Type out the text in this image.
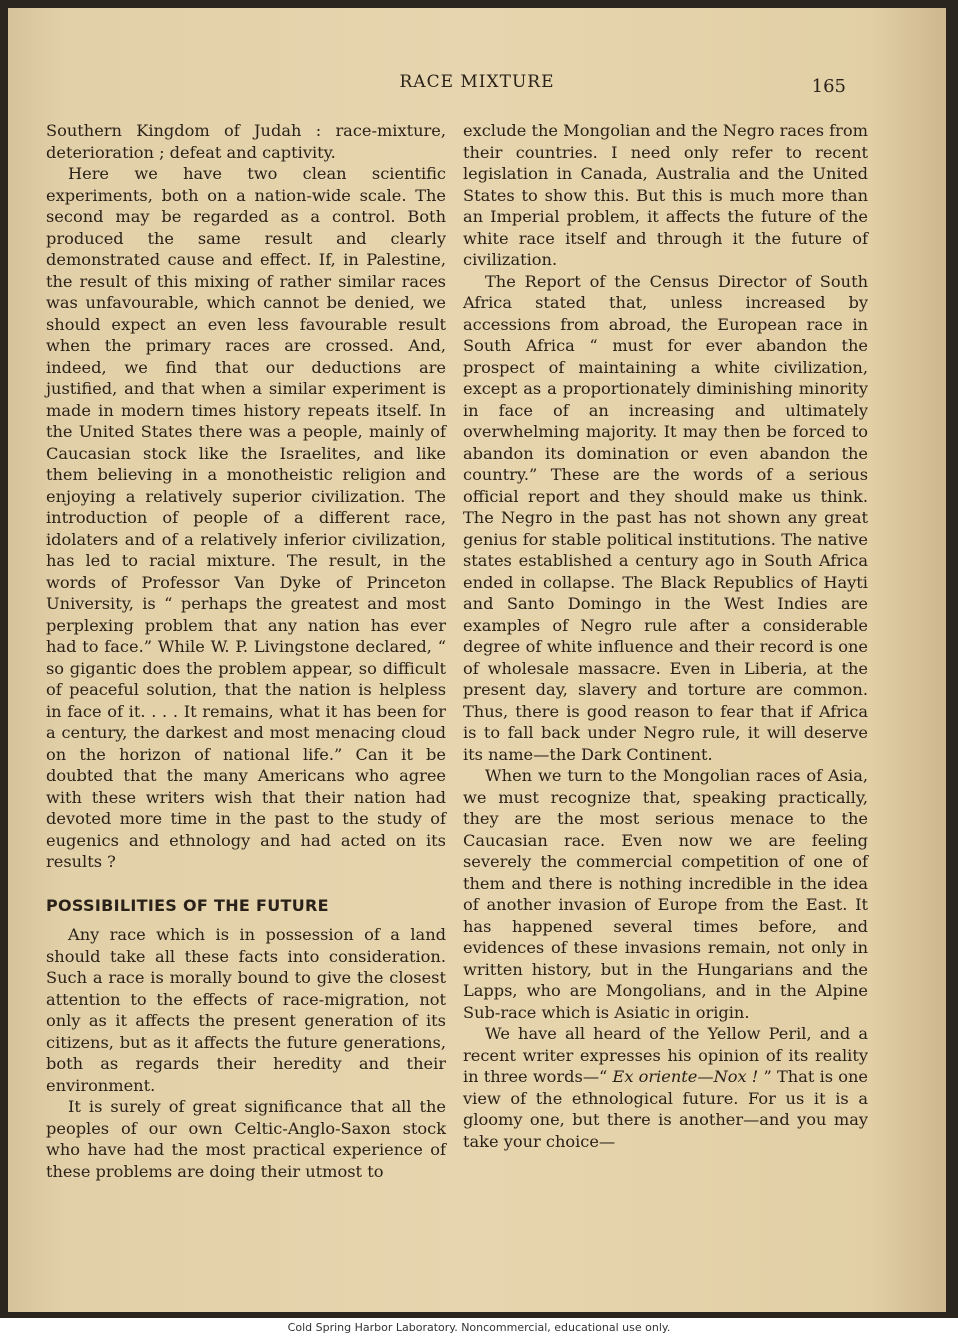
RACE MIXTURE	165

Southern Kingdom of Judah : race-mixture, deterioration ; defeat and captivity.

Here we have two clean scientific experiments, both on a nation-wide scale. The second may be regarded as a control. Both produced the same result and clearly demonstrated cause and effect. If, in Palestine, the result of this mixing of rather similar races was unfavourable, which cannot be denied, we should expect an even less favourable result when the primary races are crossed. And, indeed, we find that our deductions are justified, and that when a similar experiment is made in modern times history repeats itself. In the United States there was a people, mainly of Caucasian stock like the Israelites, and like them believing in a monotheistic religion and enjoying a relatively superior civilization. The introduction of people of a different race, idolaters and of a relatively inferior civilization, has led to racial mixture. The result, in the words of Professor Van Dyke of Princeton University, is “ perhaps the greatest and most perplexing problem that any nation has ever had to face.” While W. P. Livingstone declared, “ so gigantic does the problem appear, so difficult of peaceful solution, that the nation is helpless in face of it. . . . It remains, what it has been for a century, the darkest and most menacing cloud on the horizon of national life.” Can it be doubted that the many Americans who agree with these writers wish that their nation had devoted more time in the past to the study of eugenics and ethnology and had acted on its results ?

POSSIBILITIES OF THE FUTURE

Any race which is in possession of a land should take all these facts into consideration. Such a race is morally bound to give the closest attention to the effects of race-migration, not only as it affects the present generation of its citizens, but as it affects the future generations, both as regards their heredity and their environment.

It is surely of great significance that all the peoples of our own Celtic-Anglo-Saxon stock who have had the most practical experience of these problems are doing their utmost to

exclude the Mongolian and the Negro races from their countries. I need only refer to recent legislation in Canada, Australia and the United States to show this. But this is much more than an Imperial problem, it affects the future of the white race itself and through it the future of civilization.

The Report of the Census Director of South Africa stated that, unless increased by accessions from abroad, the European race in South Africa “ must for ever abandon the prospect of maintaining a white civilization, except as a proportionately diminishing minority in face of an increasing and ultimately overwhelming majority. It may then be forced to abandon its domination or even abandon the country.” These are the words of a serious official report and they should make us think. The Negro in the past has not shown any great genius for stable political institutions. The native states established a century ago in South Africa ended in collapse. The Black Republics of Hayti and Santo Domingo in the West Indies are examples of Negro rule after a considerable degree of white influence and their record is one of wholesale massacre. Even in Liberia, at the present day, slavery and torture are common. Thus, there is good reason to fear that if Africa is to fall back under Negro rule, it will deserve its name—the Dark Continent.

When we turn to the Mongolian races of Asia, we must recognize that, speaking practically, they are the most serious menace to the Caucasian race. Even now we are feeling severely the commercial competition of one of them and there is nothing incredible in the idea of another invasion of Europe from the East. It has happened several times before, and evidences of these invasions remain, not only in written history, but in the Hungarians and the Lapps, who are Mongolians, and in the Alpine Sub-race which is Asiatic in origin.

We have all heard of the Yellow Peril, and a recent writer expresses his opinion of its reality in three words—“ Ex oriente—Nox ! ” That is one view of the ethnological future. For us it is a gloomy one, but there is another—and you may take your choice—

Cold Spring Harbor Laboratory. Noncommercial, educational use only.
